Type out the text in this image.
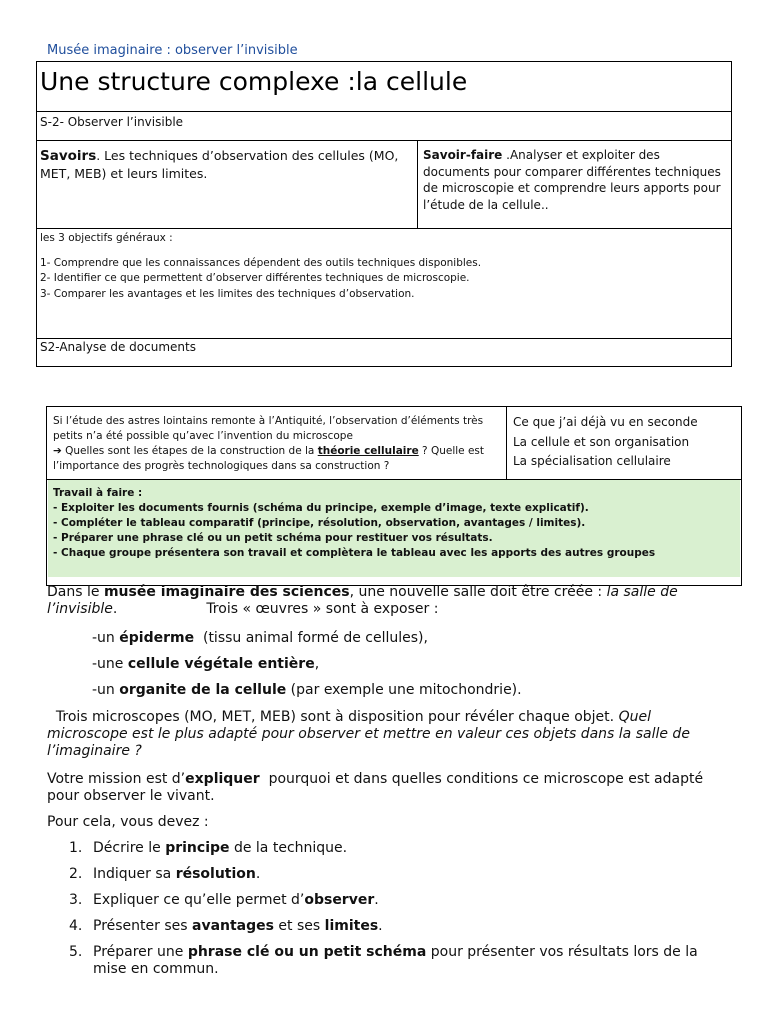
Musée imaginaire : observer l’invisible
Une structure complexe :la cellule
S-2- Observer l’invisible
Savoirs. Les techniques d’observation des cellules (MO, MET, MEB) et leurs limites.
Savoir-faire .Analyser et exploiter des documents pour comparer différentes techniques de microscopie et comprendre leurs apports pour l’étude de la cellule..
les 3 objectifs généraux :
1- Comprendre que les connaissances dépendent des outils techniques disponibles.
2- Identifier ce que permettent d’observer différentes techniques de microscopie.
3- Comparer les avantages et les limites des techniques d’observation.
S2-Analyse de documents
Si l’étude des astres lointains remonte à l’Antiquité, l’observation d’éléments très petits n’a été possible qu’avec l’invention du microscope
➔ Quelles sont les étapes de la construction de la théorie cellulaire ? Quelle est l’importance des progrès technologiques dans sa construction ?
Ce que j’ai déjà vu en seconde
La cellule et son organisation
La spécialisation cellulaire
Travail à faire :
- Exploiter les documents fournis (schéma du principe, exemple d’image, texte explicatif).
- Compléter le tableau comparatif (principe, résolution, observation, avantages / limites).
- Préparer une phrase clé ou un petit schéma pour restituer vos résultats.
- Chaque groupe présentera son travail et complètera le tableau avec les apports des autres groupes
Dans le musée imaginaire des sciences, une nouvelle salle doit être créée : la salle de l’invisible.                    Trois « œuvres » sont à exposer :
-un épiderme  (tissu animal formé de cellules),
-une cellule végétale entière,
-un organite de la cellule (par exemple une mitochondrie).
Trois microscopes (MO, MET, MEB) sont à disposition pour révéler chaque objet. Quel microscope est le plus adapté pour observer et mettre en valeur ces objets dans la salle de l’imaginaire ?
Votre mission est d’expliquer  pourquoi et dans quelles conditions ce microscope est adapté pour observer le vivant.
Pour cela, vous devez :
1. Décrire le principe de la technique.
2. Indiquer sa résolution.
3. Expliquer ce qu’elle permet d’observer.
4. Présenter ses avantages et ses limites.
5. Préparer une phrase clé ou un petit schéma pour présenter vos résultats lors de la mise en commun.
